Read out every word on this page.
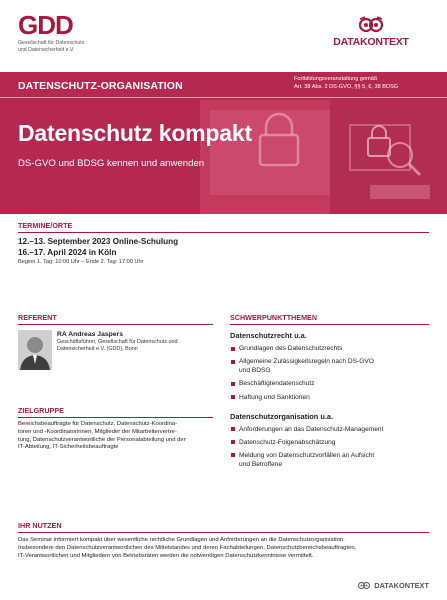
GDD
Gesellschaft für Datenschutz
und Datensicherheit e.V.
DATAKONTEXT
DATENSCHUTZ-ORGANISATION
Fortbildungsveranstaltung gemäß
Art. 38 Abs. 2 DS-GVO, §§ 5, 6, 38 BDSG
Datenschutz kompakt
DS-GVO und BDSG kennen und anwenden
TERMINE/ORTE
12.–13. September 2023 Online-Schulung
16.–17. April 2024 in Köln
Beginn 1. Tag: 10:00 Uhr – Ende 2. Tag: 17:00 Uhr
REFERENT
RA Andreas Jaspers
Geschäftsführer, Gesellschaft für Datenschutz und
Datensicherheit e.V. (GDD), Bonn
ZIELGRUPPE
Bereichsbeauftragte für Datenschutz, Datenschutz-Koordina-
toren und -Koordinatorinnen, Mitglieder der Mitarbeitervertre-
tung, Datenschutzverantwortliche der Personalabteilung und der
IT-Abteilung, IT-Sicherheitsbeauftragte
SCHWERPUNKTTHEMEN
Datenschutzrecht u.a.
Grundlagen des Datenschutzrechts
Allgemeine Zulässigkeitsregeln nach DS-GVO
und BDSG
Beschäftigtendatenschutz
Haftung und Sanktionen
Datenschutzorganisation u.a.
Anforderungen an das Datenschutz-Management
Datenschutz-Folgenabschätzung
Meldung von Datenschutzvorfällen an Aufsicht
und Betroffene
IHR NUTZEN
Das Seminar informiert kompakt über wesentliche rechtliche Grundlagen und Anforderungen an die Datenschutzorganisation.
Insbesondere den Datenschutzverantwortlichen des Mittelstandes und deren Fachabteilungen, Datenschutzbereichsbeauftragten,
IT-Verantwortlichen und Mitgliedern von Betriebsräten werden die notwendigen Datenschutzkenntnisse vermittelt.
DATAKONTEXT
